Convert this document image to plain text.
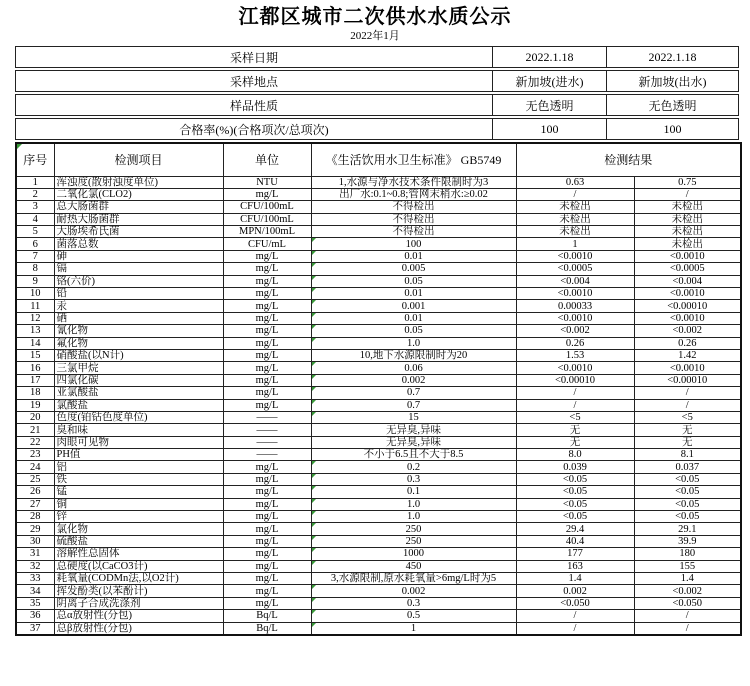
江都区城市二次供水水质公示
2022年1月
采样日期	2022.1.18	2022.1.18
采样地点	新加坡(进水)	新加坡(出水)
样品性质	无色透明	无色透明
合格率(%)(合格项次/总项次)	100	100
序号	检测项目	单位	《生活饮用水卫生标准》 GB5749	检测结果	
1	浑浊度(散射浊度单位)	NTU	1,水源与净水技术条件限制时为3	0.63	0.75
2	二氧化氯(CLO2)	mg/L	出厂水:0.1~0.8;管网末稍水:≥0.02	/	/
3	总大肠菌群	CFU/100mL	不得检出	未检出	未检出
4	耐热大肠菌群	CFU/100mL	不得检出	未检出	未检出
5	大肠埃希氏菌	MPN/100mL	不得检出	未检出	未检出
6	菌落总数	CFU/mL	100	1	未检出
7	砷	mg/L	0.01	<0.0010	<0.0010
8	镉	mg/L	0.005	<0.0005	<0.0005
9	铬(六价)	mg/L	0.05	<0.004	<0.004
10	铅	mg/L	0.01	<0.0010	<0.0010
11	汞	mg/L	0.001	0.00033	<0.00010
12	硒	mg/L	0.01	<0.0010	<0.0010
13	氰化物	mg/L	0.05	<0.002	<0.002
14	氟化物	mg/L	1.0	0.26	0.26
15	硝酸盐(以N计)	mg/L	10,地下水源限制时为20	1.53	1.42
16	三氯甲烷	mg/L	0.06	<0.0010	<0.0010
17	四氯化碳	mg/L	0.002	<0.00010	<0.00010
18	亚氯酸盐	mg/L	0.7	/	/
19	氯酸盐	mg/L	0.7	/	/
20	色度(铂钴色度单位)	——	15	<5	<5
21	臭和味	——	无异臭,异味	无	无
22	肉眼可见物	——	无异臭,异味	无	无
23	PH值	——	不小于6.5且不大于8.5	8.0	8.1
24	铝	mg/L	0.2	0.039	0.037
25	铁	mg/L	0.3	<0.05	<0.05
26	锰	mg/L	0.1	<0.05	<0.05
27	铜	mg/L	1.0	<0.05	<0.05
28	锌	mg/L	1.0	<0.05	<0.05
29	氯化物	mg/L	250	29.4	29.1
30	硫酸盐	mg/L	250	40.4	39.9
31	溶解性总固体	mg/L	1000	177	180
32	总硬度(以CaCO3计)	mg/L	450	163	155
33	耗氧量(CODMn法,以O2计)	mg/L	3,水源限制,原水耗氧量>6mg/L时为5	1.4	1.4
34	挥发酚类(以苯酚计)	mg/L	0.002	0.002	<0.002
35	阴离子合成洗涤剂	mg/L	0.3	<0.050	<0.050
36	总α放射性(分包)	Bq/L	0.5	/	/
37	总β放射性(分包)	Bq/L	1	/	/
